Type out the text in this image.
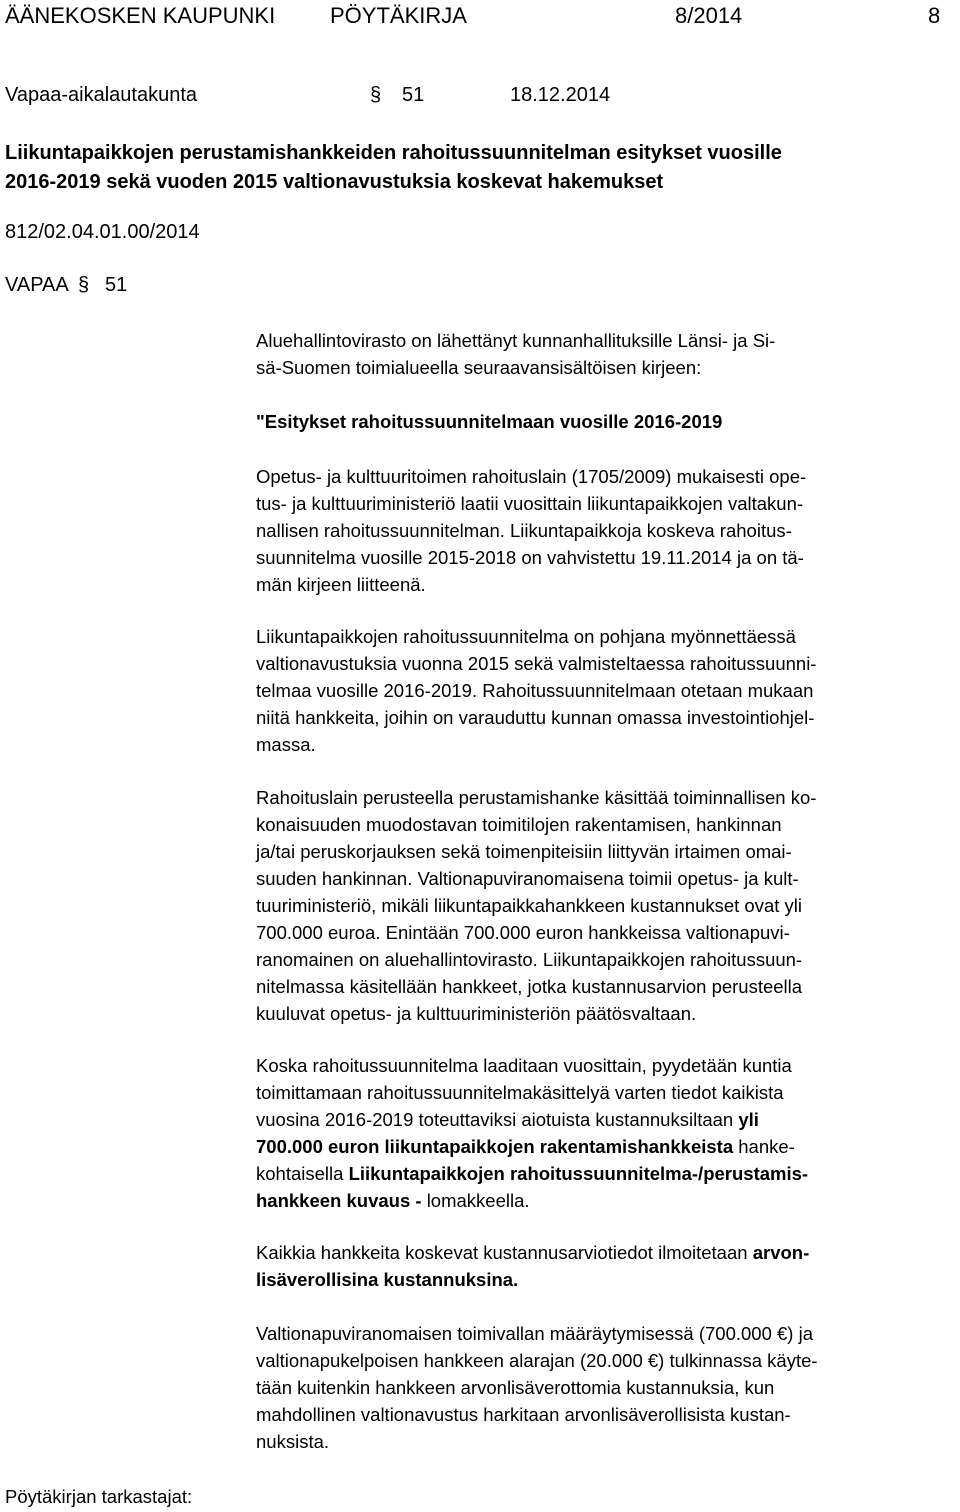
ÄÄNEKOSKEN KAUPUNKI PÖYTÄKIRJA	8/2014	8
Vapaa-aikalautakunta	§ 51	18.12.2014
Liikuntapaikkojen perustamishankkeiden rahoitussuunnitelman esitykset vuosille
2016-2019 sekä vuoden 2015 valtionavustuksia koskevat hakemukset
812/02.04.01.00/2014
VAPAA § 51
Aluehallintovirasto on lähettänyt kunnanhallituksille Länsi- ja Si-
sä-Suomen toimialueella seuraavansisältöisen kirjeen:
"Esitykset rahoitussuunnitelmaan vuosille 2016-2019
Opetus- ja kulttuuritoimen rahoituslain (1705/2009) mukaisesti ope-
tus- ja kulttuuriministeriö laatii vuosittain liikuntapaikkojen valtakun-
nallisen rahoitussuunnitelman. Liikuntapaikkoja koskeva rahoitus-
suunnitelma vuosille 2015-2018 on vahvistettu 19.11.2014 ja on tä-
män kirjeen liitteenä.
Liikuntapaikkojen rahoitussuunnitelma on pohjana myönnettäessä
valtionavustuksia vuonna 2015 sekä valmisteltaessa rahoitussuunni-
telmaa vuosille 2016-2019. Rahoitussuunnitelmaan otetaan mukaan
niitä hankkeita, joihin on varauduttu kunnan omassa investointiohjel-
massa.
Rahoituslain perusteella perustamishanke käsittää toiminnallisen ko-
konaisuuden muodostavan toimitilojen rakentamisen, hankinnan
ja/tai peruskorjauksen sekä toimenpiteisiin liittyvän irtaimen omai-
suuden hankinnan. Valtionapuviranomaisena toimii opetus- ja kult-
tuuriministeriö, mikäli liikuntapaikkahankkeen kustannukset ovat yli
700.000 euroa. Enintään 700.000 euron hankkeissa valtionapuvi-
ranomainen on aluehallintovirasto. Liikuntapaikkojen rahoitussuun-
nitelmassa käsitellään hankkeet, jotka kustannusarvion perusteella
kuuluvat opetus- ja kulttuuriministeriön päätösvaltaan.
Koska rahoitussuunnitelma laaditaan vuosittain, pyydetään kuntia
toimittamaan rahoitussuunnitelmakäsittelyä varten tiedot kaikista
vuosina 2016-2019 toteuttaviksi aiotuista kustannuksiltaan yli
700.000 euron liikuntapaikkojen rakentamishankkeista hanke-
kohtaisella Liikuntapaikkojen rahoitussuunnitelma-/perustamis-
hankkeen kuvaus - lomakkeella.
Kaikkia hankkeita koskevat kustannusarviotiedot ilmoitetaan arvon-
lisäverollisina kustannuksina.
Valtionapuviranomaisen toimivallan määräytymisessä (700.000 €) ja
valtionapukelpoisen hankkeen alarajan (20.000 €) tulkinnassa käyte-
tään kuitenkin hankkeen arvonlisäverottomia kustannuksia, kun
mahdollinen valtionavustus harkitaan arvonlisäverollisista kustan-
nuksista.
Pöytäkirjan tarkastajat:
